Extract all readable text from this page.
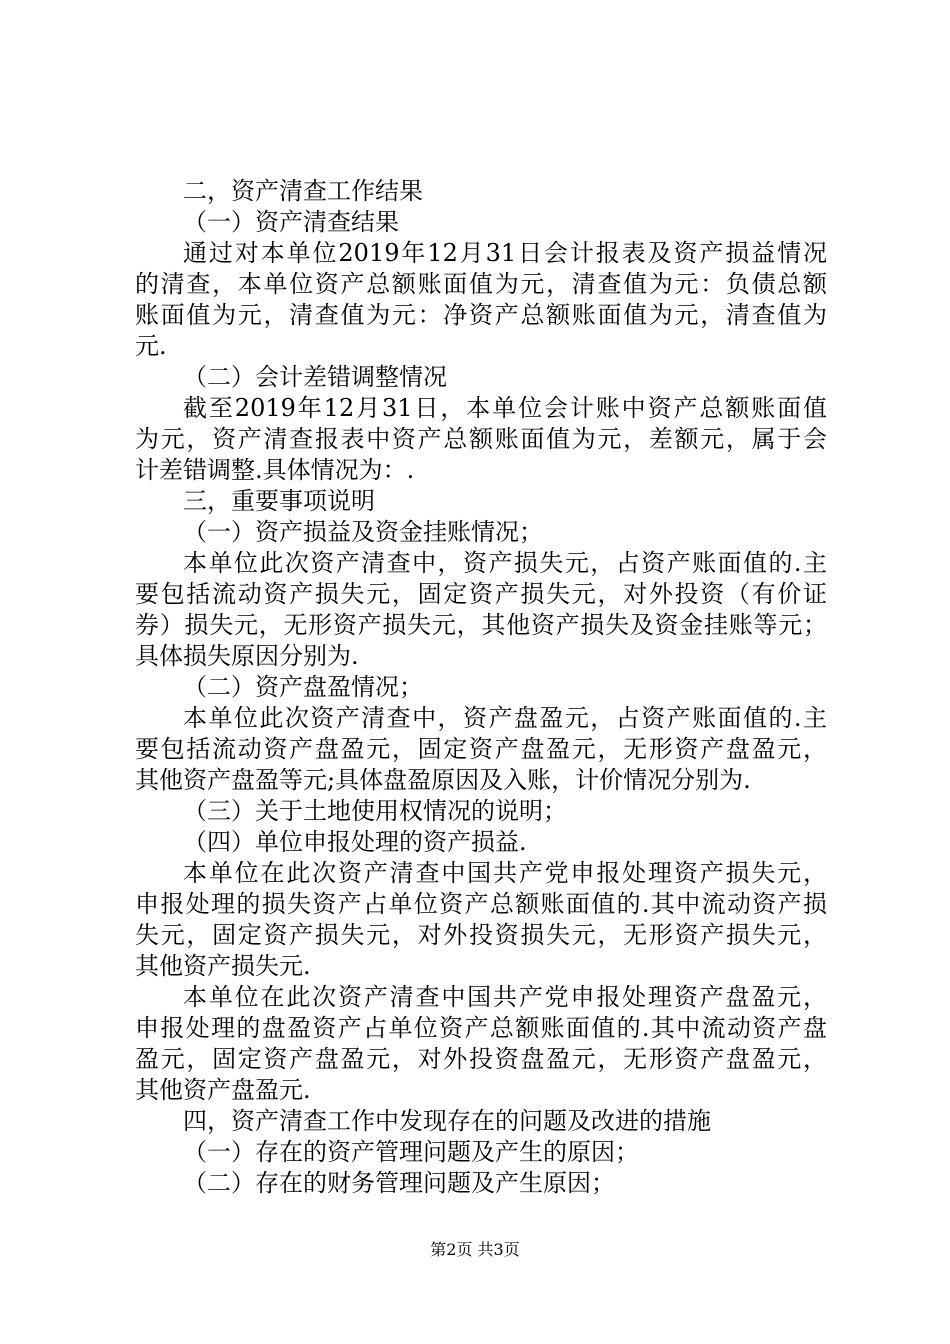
二，资产清查工作结果
（一）资产清查结果
通过对本单位2019年12月31日会计报表及资产损益情况
的清查，本单位资产总额账面值为元，清查值为元：负债总额
账面值为元，清查值为元：净资产总额账面值为元，清查值为
元.
（二）会计差错调整情况
截至2019年12月31日，本单位会计账中资产总额账面值
为元，资产清查报表中资产总额账面值为元，差额元，属于会
计差错调整.具体情况为：.
三，重要事项说明
（一）资产损益及资金挂账情况；
本单位此次资产清查中，资产损失元，占资产账面值的.主
要包括流动资产损失元，固定资产损失元，对外投资（有价证
券）损失元，无形资产损失元，其他资产损失及资金挂账等元；
具体损失原因分别为.
（二）资产盘盈情况；
本单位此次资产清查中，资产盘盈元，占资产账面值的.主
要包括流动资产盘盈元，固定资产盘盈元，无形资产盘盈元，
其他资产盘盈等元;具体盘盈原因及入账，计价情况分别为.
（三）关于土地使用权情况的说明；
（四）单位申报处理的资产损益.
本单位在此次资产清查中国共产党申报处理资产损失元，
申报处理的损失资产占单位资产总额账面值的.其中流动资产损
失元，固定资产损失元，对外投资损失元，无形资产损失元，
其他资产损失元.
本单位在此次资产清查中国共产党申报处理资产盘盈元，
申报处理的盘盈资产占单位资产总额账面值的.其中流动资产盘
盈元，固定资产盘盈元，对外投资盘盈元，无形资产盘盈元，
其他资产盘盈元.
四，资产清查工作中发现存在的问题及改进的措施
（一）存在的资产管理问题及产生的原因；
（二）存在的财务管理问题及产生原因；
第2页 共3页
